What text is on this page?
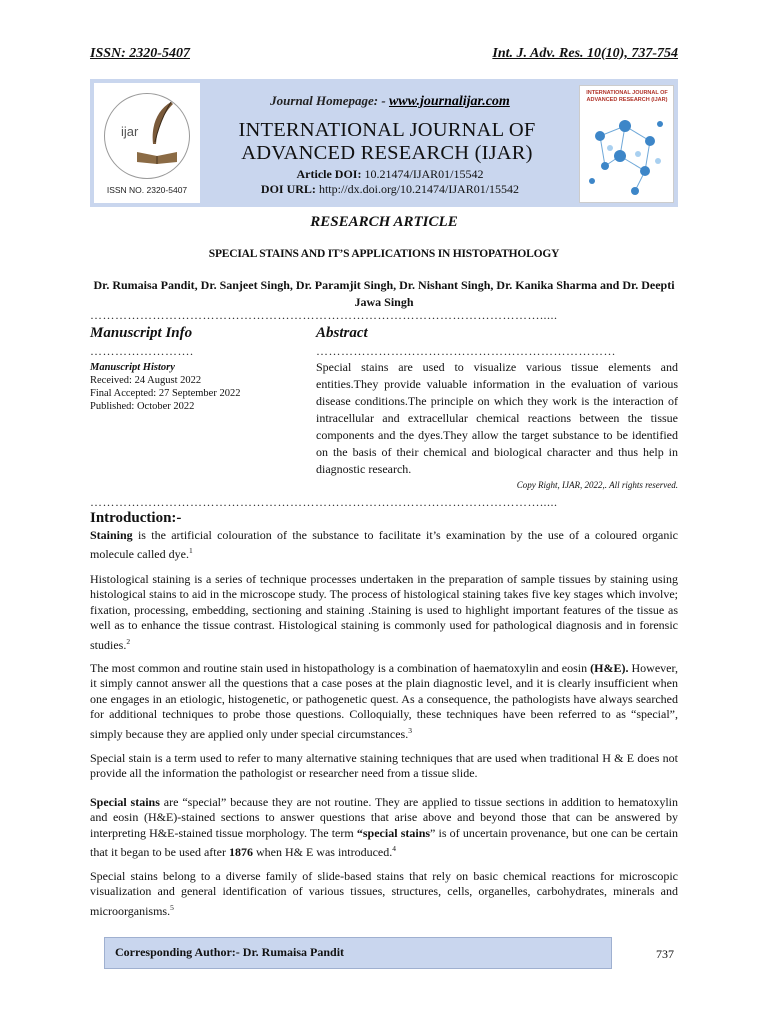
ISSN: 2320-5407	Int. J. Adv. Res. 10(10), 737-754
ijar
ISSN NO. 2320-5407
Journal Homepage: - www.journalijar.com
INTERNATIONAL JOURNAL OF
ADVANCED RESEARCH (IJAR)
Article DOI: 10.21474/IJAR01/15542
DOI URL: http://dx.doi.org/10.21474/IJAR01/15542
INTERNATIONAL JOURNAL OF ADVANCED RESEARCH (IJAR)
RESEARCH ARTICLE
SPECIAL STAINS AND IT’S APPLICATIONS IN HISTOPATHOLOGY
Dr. Rumaisa Pandit, Dr. Sanjeet Singh, Dr. Paramjit Singh, Dr. Nishant Singh, Dr. Kanika Sharma and Dr. Deepti Jawa Singh
……………………………………………………………………………………………….....
Manuscript Info	Abstract
…………………….	………………………………………………………………
Manuscript History
Received: 24 August 2022
Final Accepted: 27 September 2022
Published: October 2022
Special stains are used to visualize various tissue elements and entities.They provide valuable information in the evaluation of various disease conditions.The principle on which they work is the interaction of intracellular and extracellular chemical reactions between the tissue components and the dyes.They allow the target substance to be identified on the basis of their chemical and biological character and thus help in diagnostic research.
Copy Right, IJAR, 2022,. All rights reserved.
……………………………………………………………………………………………….....
Introduction:-
Staining is the artificial colouration of the substance to facilitate it’s examination by the use of a coloured organic molecule called dye.$^1$
Histological staining is a series of technique processes undertaken in the preparation of sample tissues by staining using histological stains to aid in the microscope study. The process of histological staining takes five key stages which involve; fixation, processing, embedding, sectioning and staining .Staining is used to highlight important features of the tissue as well as to enhance the tissue contrast. Histological staining is commonly used for pathological diagnosis and in forensic studies.$^2$
The most common and routine stain used in histopathology is a combination of haematoxylin and eosin (H&E). However, it simply cannot answer all the questions that a case poses at the plain diagnostic level, and it is clearly insufficient when one engages in an etiologic, histogenetic, or pathogenetic quest. As a consequence, the pathologists have always searched for additional techniques to probe those questions. Colloquially, these techniques have been referred to as “special”, simply because they are applied only under special circumstances.$^3$
Special stain is a term used to refer to many alternative staining techniques that are used when traditional H & E does not provide all the information the pathologist or researcher need from a tissue slide.
Special stains are “special” because they are not routine. They are applied to tissue sections in addition to hematoxylin and eosin (H&E)-stained sections to answer questions that arise above and beyond those that can be answered by interpreting H&E-stained tissue morphology. The term “special stains” is of uncertain provenance, but one can be certain that it began to be used after 1876 when H& E was introduced.$^4$
Special stains belong to a diverse family of slide-based stains that rely on basic chemical reactions for microscopic visualization and general identification of various tissues, structures, cells, organelles, carbohydrates, minerals and microorganisms.$^5$
Corresponding Author:- Dr. Rumaisa Pandit	737
